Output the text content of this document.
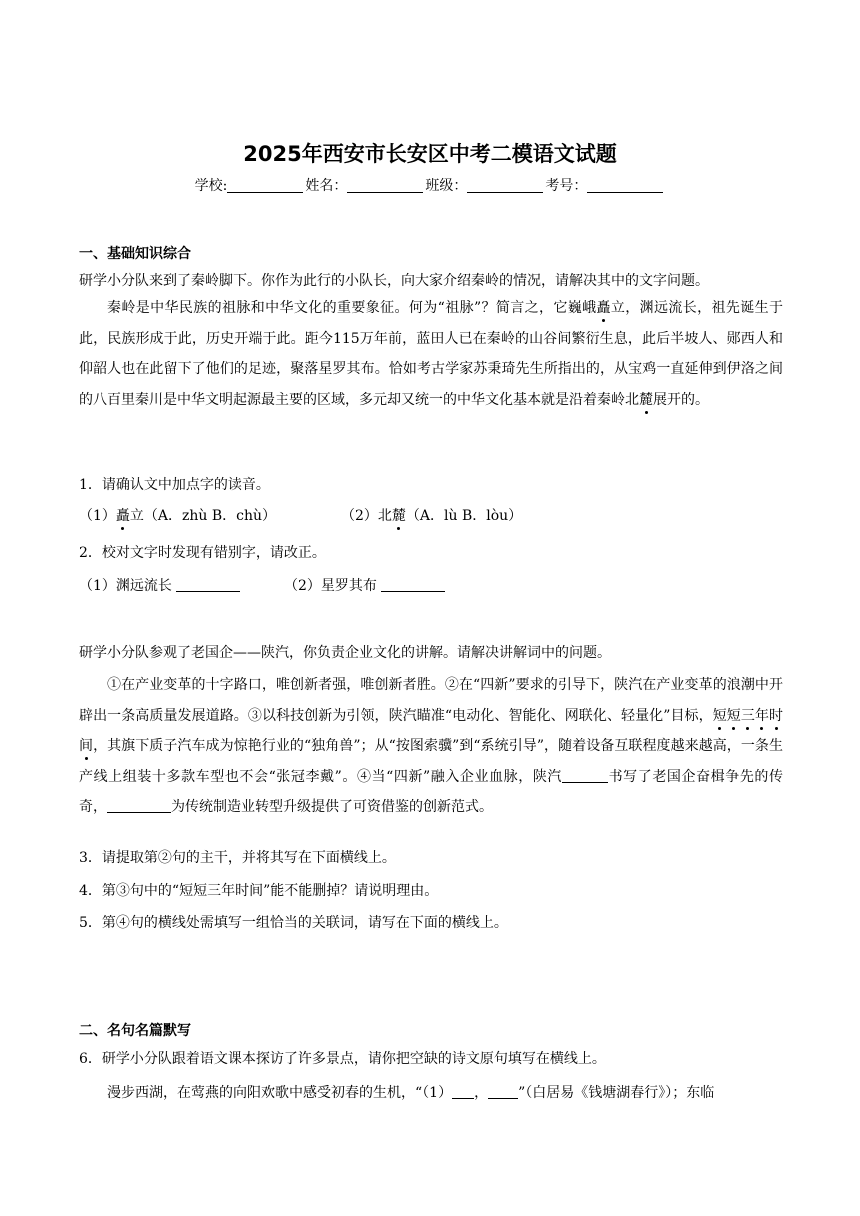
2025年西安市长安区中考二模语文试题
学校:	姓名：	班级：	考号：
一、基础知识综合
研学小分队来到了秦岭脚下。你作为此行的小队长，向大家介绍秦岭的情况，请解决其中的文字问题。

秦岭是中华民族的祖脉和中华文化的重要象征。何为“祖脉”？简言之，它巍峨矗立，渊远流长，祖先诞生于此，民族形成于此，历史开端于此。距今115万年前，蓝田人已在秦岭的山谷间繁衍生息，此后半坡人、郧西人和仰韶人也在此留下了他们的足迹，聚落星罗其布。恰如考古学家苏秉琦先生所指出的，从宝鸡一直延伸到伊洛之间的八百里秦川是中华文明起源最主要的区域，多元却又统一的中华文化基本就是沿着秦岭北麓展开的。

1．请确认文中加点字的读音。
（1）矗立（A．zhù B．chù）	（2）北麓（A．lù B．lòu）
2．校对文字时发现有错别字，请改正。
（1）渊远流长	（2）星罗其布
研学小分队参观了老国企——陕汽，你负责企业文化的讲解。请解决讲解词中的问题。

①在产业变革的十字路口，唯创新者强，唯创新者胜。②在“四新”要求的引导下，陕汽在产业变革的浪潮中开辟出一条高质量发展道路。③以科技创新为引领，陕汽瞄准“电动化、智能化、网联化、轻量化”目标，短短三年时间，其旗下质子汽车成为惊艳行业的“独角兽”；从“按图索骥”到“系统引导”，随着设备互联程度越来越高，一条生产线上组装十多款车型也不会“张冠李戴”。④当“四新”融入企业血脉，陕汽	书写了老国企奋楫争先的传奇，	为传统制造业转型升级提供了可资借鉴的创新范式。

3．请提取第②句的主干，并将其写在下面横线上。
4．第③句中的“短短三年时间”能不能删掉？请说明理由。
5．第④句的横线处需填写一组恰当的关联词，请写在下面的横线上。
二、名句名篇默写
6．研学小分队跟着语文课本探访了许多景点，请你把空缺的诗文原句填写在横线上。
漫步西湖，在莺燕的向阳欢歌中感受初春的生机，“（1） ， ”（白居易《钱塘湖春行》）；东临
